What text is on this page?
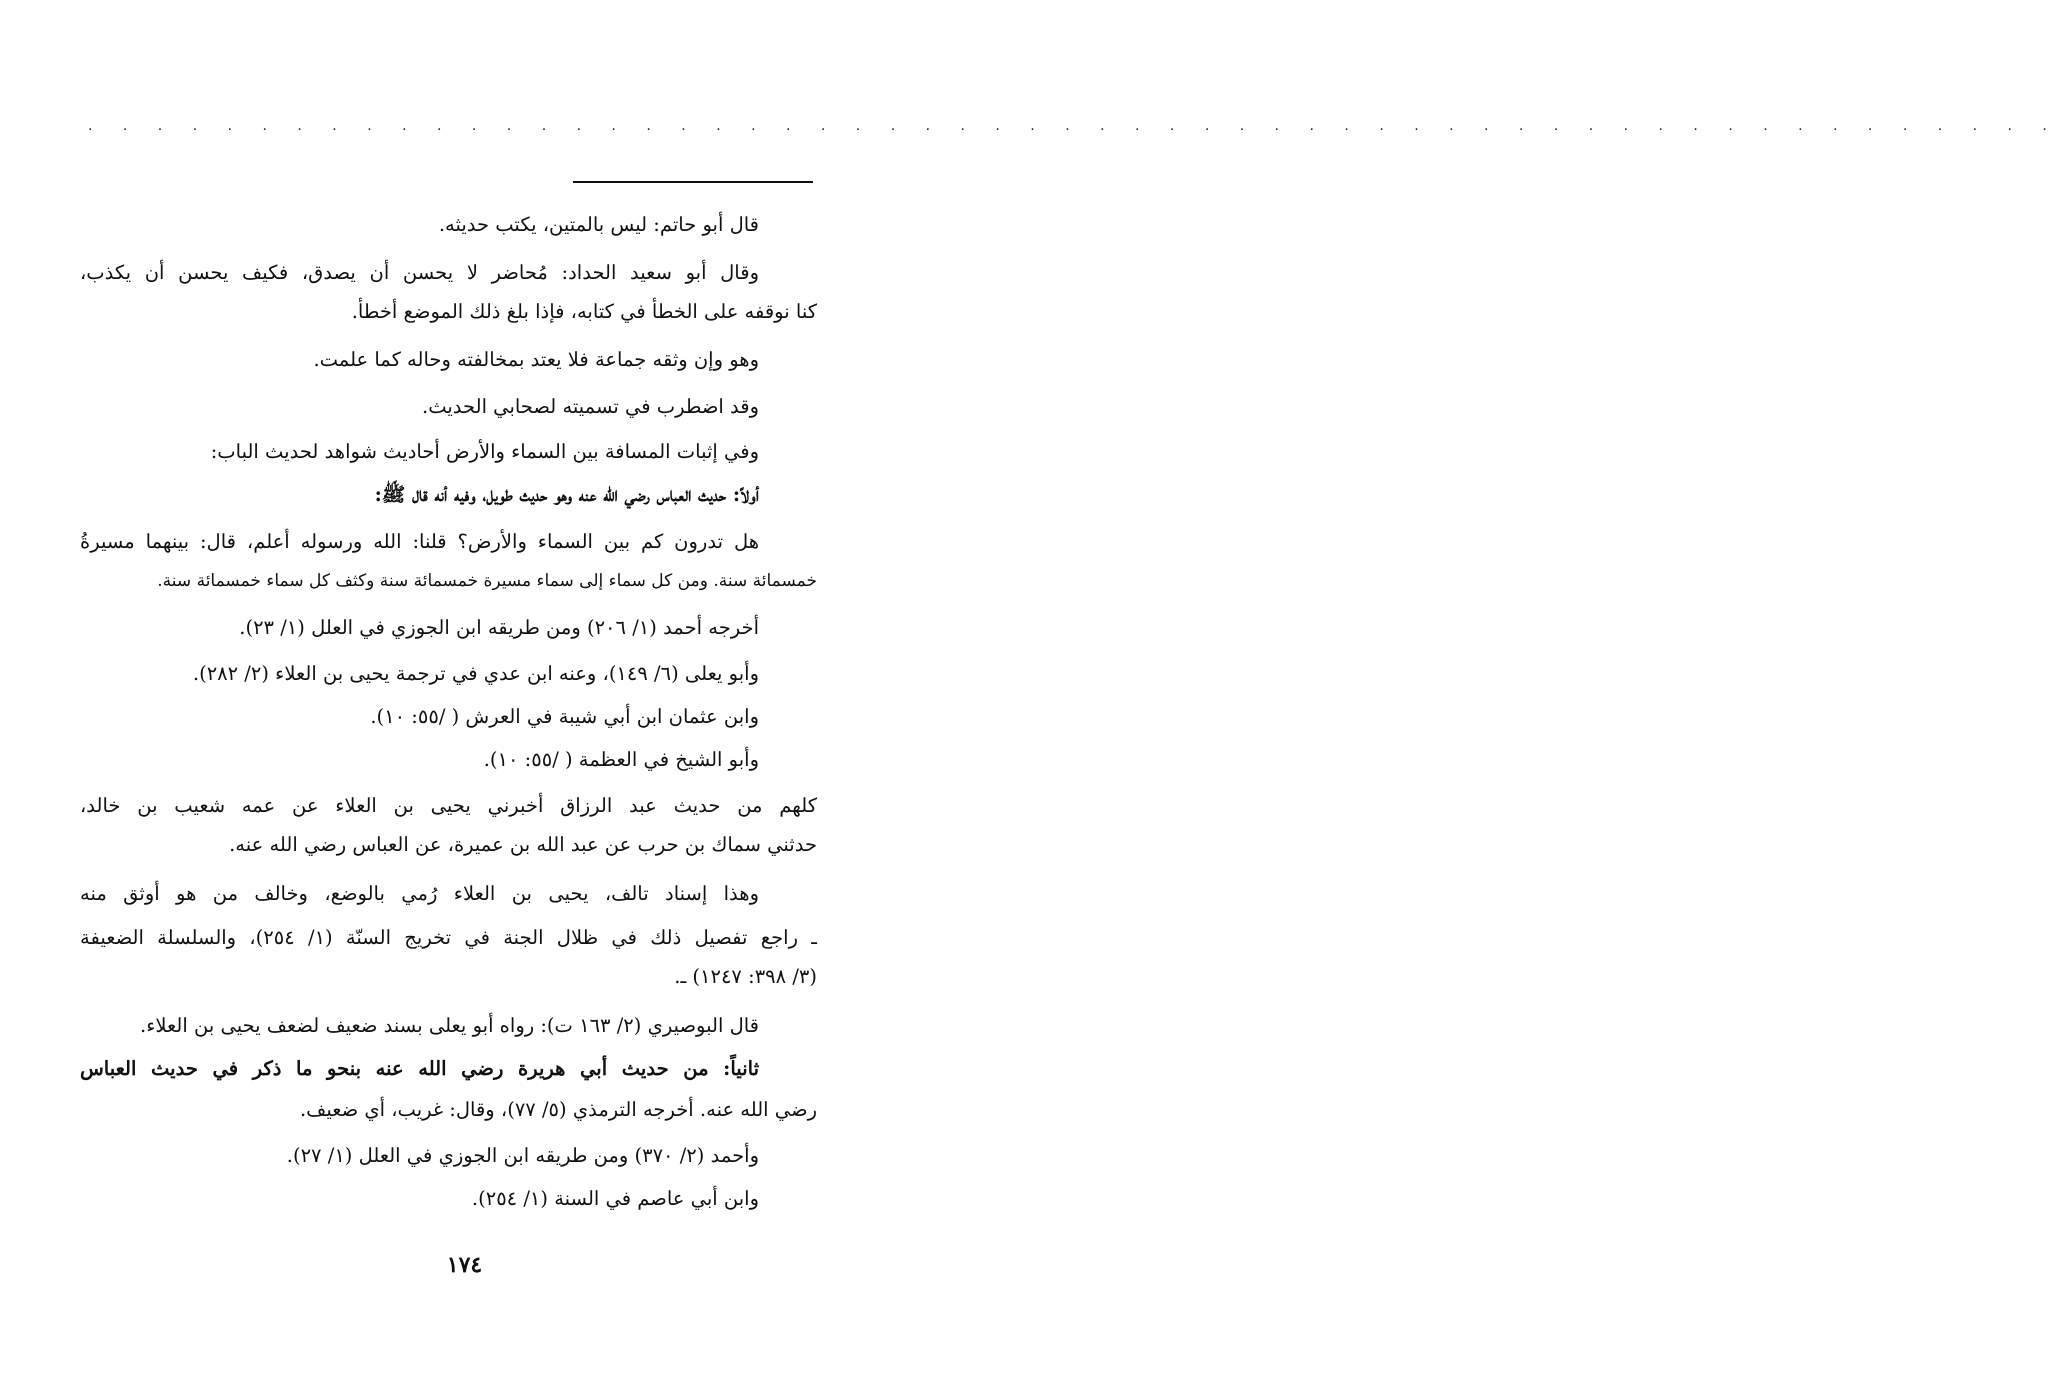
. . . . . . . . . . . . . . . . . . . . . . . . . . . . . . . . . . . . . . . . . . . . . . . . . . . . . . . . .
قال أبو حاتم: ليس بالمتين، يكتب حديثه.
وقال أبو سعيد الحداد: مُحاضر لا يحسن أن يصدق، فكيف يحسن أن يكذب،
كنا نوقفه على الخطأ في كتابه، فإذا بلغ ذلك الموضع أخطأ.
وهو وإن وثقه جماعة فلا يعتد بمخالفته وحاله كما علمت.
وقد اضطرب في تسميته لصحابي الحديث.
وفي إثبات المسافة بين السماء والأرض أحاديث شواهد لحديث الباب:
أولاً: حديث العباس رضي الله عنه وهو حديث طويل، وفيه أنه قال ﷺ:
هل تدرون كم بين السماء والأرض؟ قلنا: الله ورسوله أعلم، قال: بينهما مسيرةُ
خمسمائة سنة. ومن كل سماء إلى سماء مسيرة خمسمائة سنة وكثف كل سماء خمسمائة سنة.
أخرجه أحمد (١/ ٢٠٦) ومن طريقه ابن الجوزي في العلل (١/ ٢٣).
وأبو يعلى (٦/ ١٤٩)، وعنه ابن عدي في ترجمة يحيى بن العلاء (٢/ ٢٨٢).
وابن عثمان ابن أبي شيبة في العرش ( /٥٥: ١٠).
وأبو الشيخ في العظمة ( /٥٥: ١٠).
كلهم من حديث عبد الرزاق أخبرني يحيى بن العلاء عن عمه شعيب بن خالد،
حدثني سماك بن حرب عن عبد الله بن عميرة، عن العباس رضي الله عنه.
وهذا إسناد تالف، يحيى بن العلاء رُمي بالوضع، وخالف من هو أوثق منه
ـ راجع تفصيل ذلك في ظلال الجنة في تخريج السنّة (١/ ٢٥٤)، والسلسلة الضعيفة
(٣/ ٣٩٨: ١٢٤٧) ـ.
قال البوصيري (٢/ ١٦٣ ت): رواه أبو يعلى بسند ضعيف لضعف يحيى بن العلاء.
ثانياً: من حديث أبي هريرة رضي الله عنه بنحو ما ذكر في حديث العباس
رضي الله عنه. أخرجه الترمذي (٥/ ٧٧)، وقال: غريب، أي ضعيف.
وأحمد (٢/ ٣٧٠) ومن طريقه ابن الجوزي في العلل (١/ ٢٧).
وابن أبي عاصم في السنة (١/ ٢٥٤).
١٧٤
